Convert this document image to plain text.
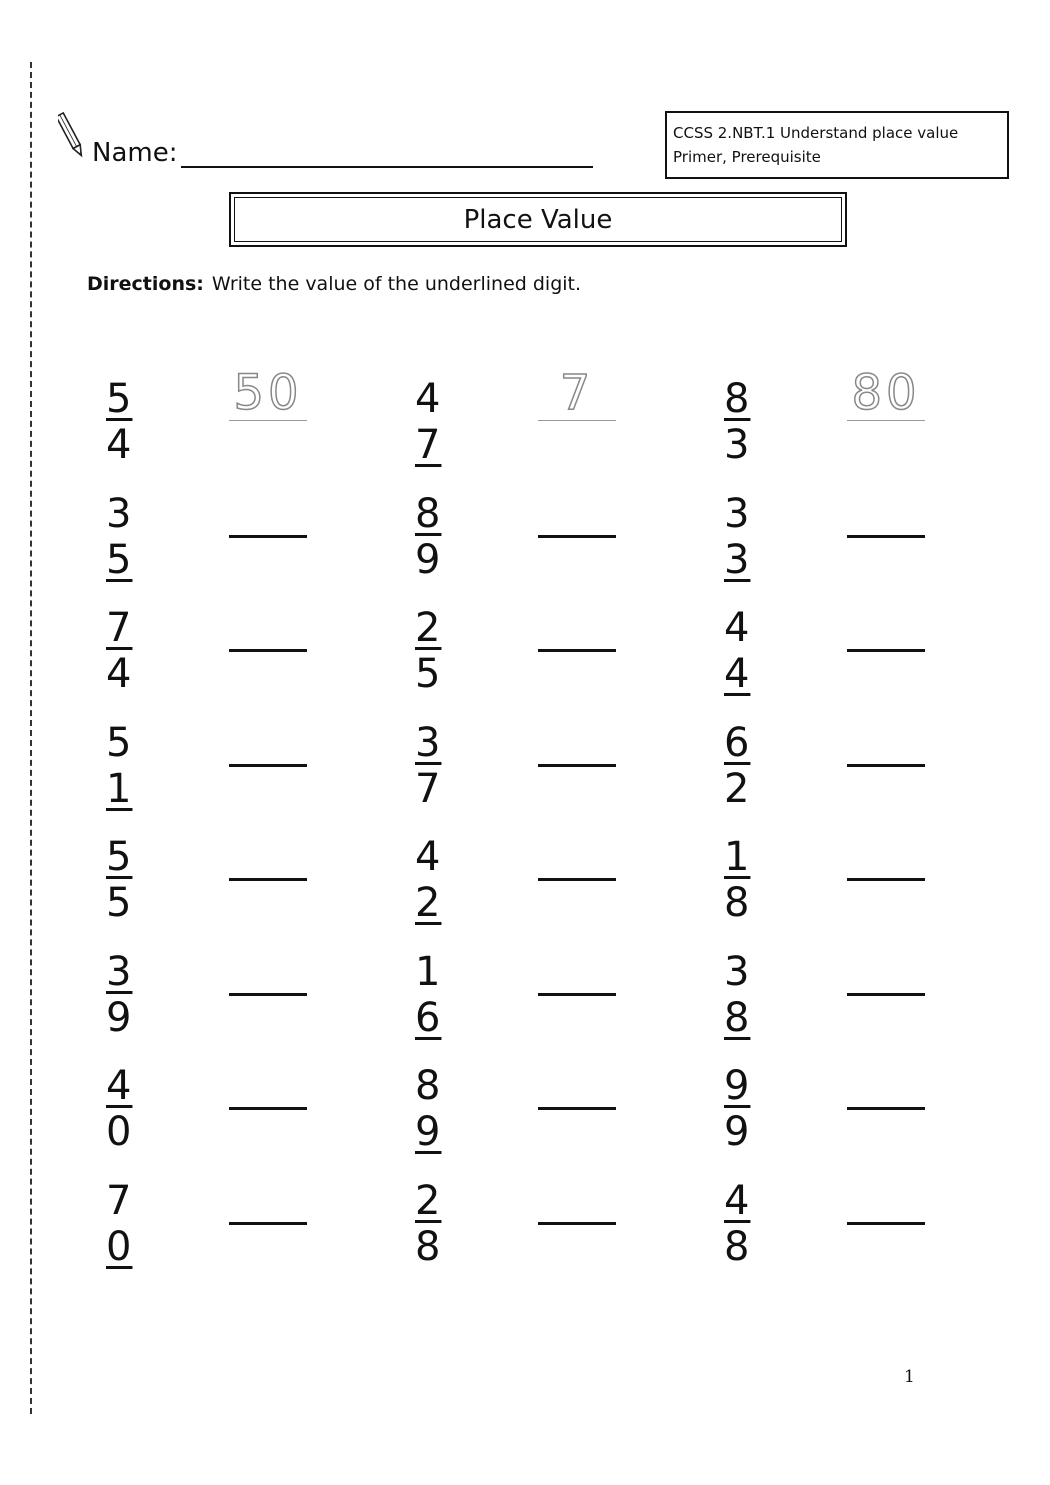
Name:
CCSS 2.NBT.1 Understand place value
Primer, Prerequisite
Place Value
Directions: Write the value of the underlined digit.
54
50	47
7	83
80
35
89
33
74
25
44
51
37
62
55
42
18
39
16
38
40
89
99
70
28
48
1
